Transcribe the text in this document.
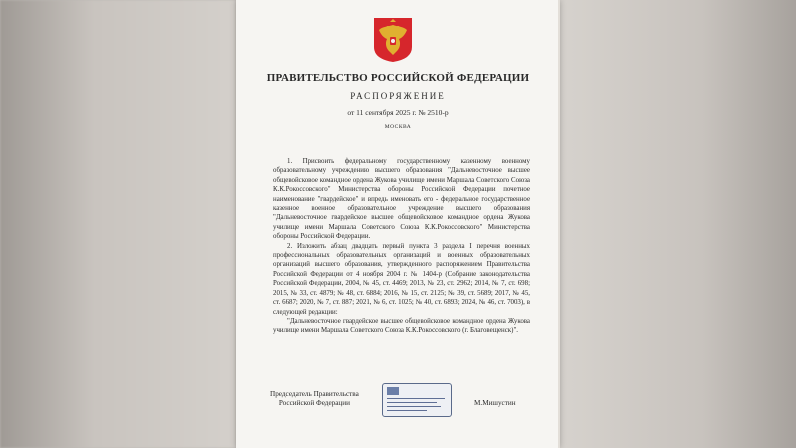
ПРАВИТЕЛЬСТВО РОССИЙСКОЙ ФЕДЕРАЦИИ
РАСПОРЯЖЕНИЕ
от 11 сентября 2025 г. № 2510-р
МОСКВА

1. Присвоить федеральному государственному казенному военному образовательному учреждению высшего образования "Дальневосточное высшее общевойсковое командное ордена Жукова училище имени Маршала Советского Союза К.К.Рокоссовского" Министерства обороны Российской Федерации почетное наименование "гвардейское" и впредь именовать его - федеральное государственное казенное военное образовательное учреждение высшего образования "Дальневосточное гвардейское высшее общевойсковое командное ордена Жукова училище имени Маршала Советского Союза К.К.Рокоссовского" Министерства обороны Российской Федерации.

2. Изложить абзац двадцать первый пункта 3 раздела I перечня военных профессиональных образовательных организаций и военных образовательных организаций высшего образования, утвержденного распоряжением Правительства Российской Федерации от 4 ноября 2004 г. № 1404-р (Собрание законодательства Российской Федерации, 2004, № 45, ст. 4469; 2013, № 23, ст. 2962; 2014, № 7, ст. 698; 2015, № 33, ст. 4879; № 48, ст. 6884; 2016, № 15, ст. 2125; № 39, ст. 5689; 2017, № 45, ст. 6687; 2020, № 7, ст. 887; 2021, № 6, ст. 1025; № 40, ст. 6893; 2024, № 46, ст. 7003), в следующей редакции:

"Дальневосточное гвардейское высшее общевойсковое командное ордена Жукова училище имени Маршала Советского Союза К.К.Рокоссовского (г. Благовещенск)".

Председатель Правительства
Российской Федерации	М.Мишустин
